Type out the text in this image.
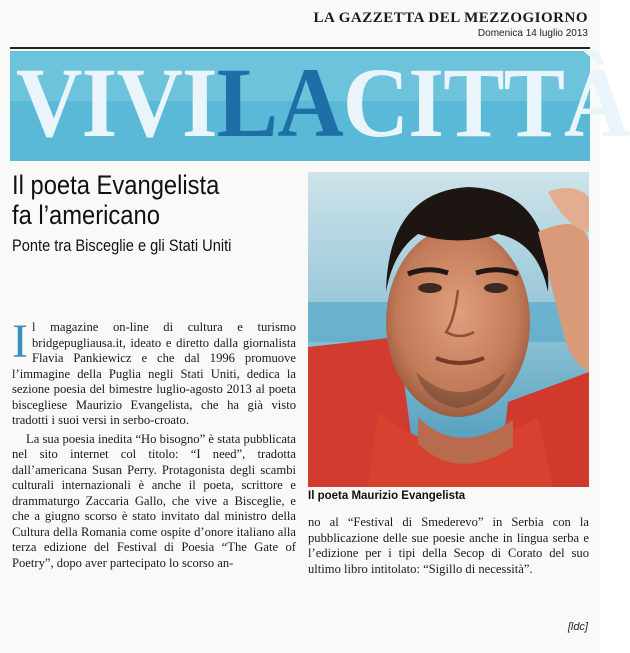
LA GAZZETTA DEL MEZZOGIORNO
Domenica 14 luglio 2013
VIVILACITTÀ
Il poeta Evangelista
fa l’americano
Ponte tra Bisceglie e gli Stati Uniti
Il poeta Maurizio Evangelista

Il magazine on-line di cultura e turismo bridgepugliausa.it, ideato e diretto dalla giornalista Flavia Pankiewicz e che dal 1996 promuove l’immagine della Puglia negli Stati Uniti, dedica la sezione poesia del bimestre luglio-agosto 2013 al poeta biscegliese Maurizio Evangelista, che ha già visto tradotti i suoi versi in serbo-croato.

La sua poesia inedita “Ho bisogno” è stata pubblicata nel sito internet col titolo: “I need”, tradotta dall’americana Susan Perry. Protagonista degli scambi culturali internazionali è anche il poeta, scrittore e drammaturgo Zaccaria Gallo, che vive a Bisceglie, e che a giugno scorso è stato invitato dal ministro della Cultura della Romania come ospite d’onore italiano alla terza edizione del Festival di Poesia “The Gate of Poetry”, dopo aver partecipato lo scorso an-

no al “Festival di Smederevo” in Serbia con la pubblicazione delle sue poesie anche in lingua serba e l’edizione per i tipi della Secop di Corato del suo ultimo libro intitolato: “Sigillo di necessità”.

[ldc]
